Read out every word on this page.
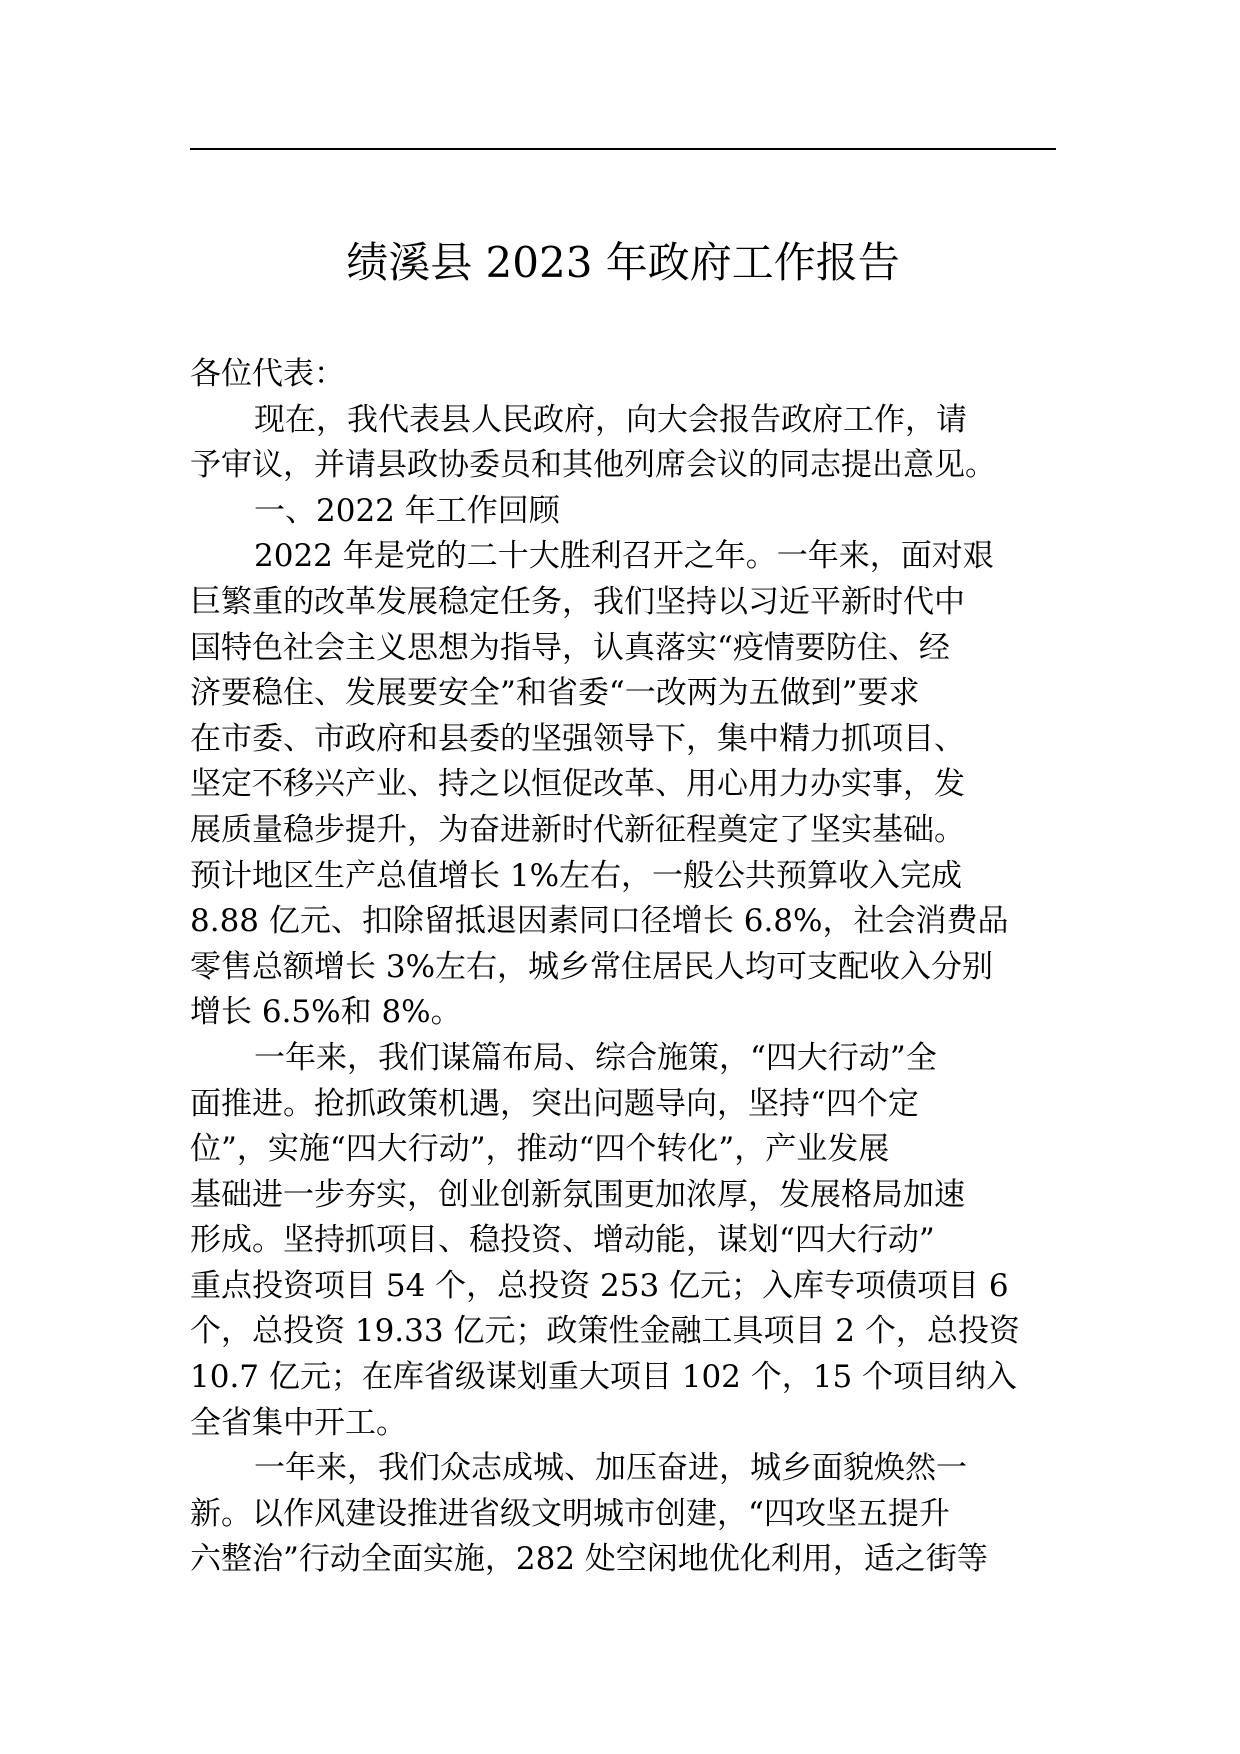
绩溪县 2023 年政府工作报告
各位代表：
现在，我代表县人民政府，向大会报告政府工作，请
予审议，并请县政协委员和其他列席会议的同志提出意见。
一、2022 年工作回顾
2022 年是党的二十大胜利召开之年。一年来，面对艰
巨繁重的改革发展稳定任务，我们坚持以习近平新时代中
国特色社会主义思想为指导，认真落实“疫情要防住、经
济要稳住、发展要安全”和省委“一改两为五做到”要求
在市委、市政府和县委的坚强领导下，集中精力抓项目、
坚定不移兴产业、持之以恒促改革、用心用力办实事，发
展质量稳步提升，为奋进新时代新征程奠定了坚实基础。
预计地区生产总值增长 1%左右，一般公共预算收入完成
8.88 亿元、扣除留抵退因素同口径增长 6.8%，社会消费品
零售总额增长 3%左右，城乡常住居民人均可支配收入分别
增长 6.5%和 8%。
一年来，我们谋篇布局、综合施策，“四大行动”全
面推进。抢抓政策机遇，突出问题导向，坚持“四个定
位”，实施“四大行动”，推动“四个转化”，产业发展
基础进一步夯实，创业创新氛围更加浓厚，发展格局加速
形成。坚持抓项目、稳投资、增动能，谋划“四大行动”
重点投资项目 54 个，总投资 253 亿元；入库专项债项目 6
个，总投资 19.33 亿元；政策性金融工具项目 2 个，总投资
10.7 亿元；在库省级谋划重大项目 102 个，15 个项目纳入
全省集中开工。
一年来，我们众志成城、加压奋进，城乡面貌焕然一
新。以作风建设推进省级文明城市创建，“四攻坚五提升
六整治”行动全面实施，282 处空闲地优化利用，适之街等
